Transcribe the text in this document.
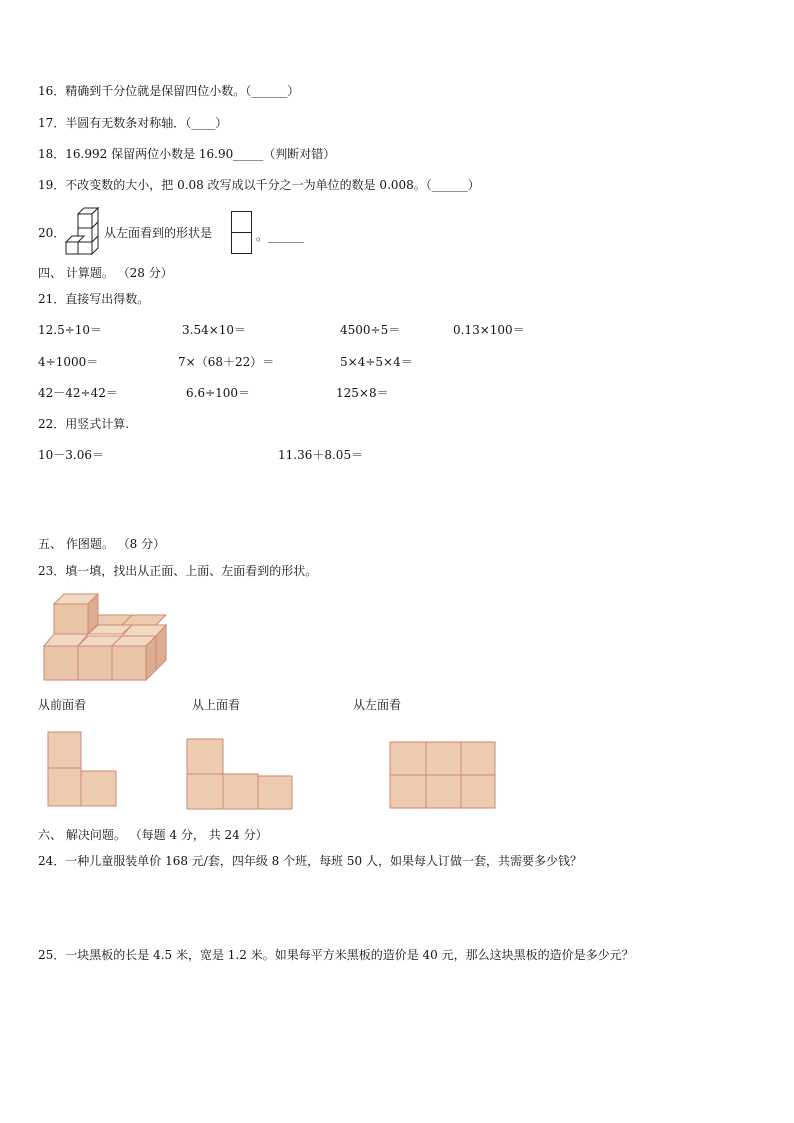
16．精确到千分位就是保留四位小数。（______）
17．半圆有无数条对称轴．（____）
18．16.992 保留两位小数是 16.90_____（判断对错）
19．不改变数的大小，把 0.08 改写成以千分之一为单位的数是 0.008。（______）
20．	从左面看到的形状是	。______
四、 计算题。 （28 分）
21．直接写出得数。
12.5÷10＝	3.54×10＝	4500÷5＝	0.13×100＝
4÷1000＝	7×（68＋22）＝	5×4÷5×4＝
42－42÷42＝	6.6÷100＝	125×8＝
22．用竖式计算.
10－3.06＝	11.36＋8.05＝
五、 作图题。 （8 分）
23．填一填，找出从正面、上面、左面看到的形状。
从前面看	从上面看	从左面看
六、 解决问题。 （每题 4 分， 共 24 分）
24．一种儿童服装单价 168 元/套，四年级 8 个班，每班 50 人，如果每人订做一套，共需要多少钱？
25．一块黑板的长是 4.5 米，宽是 1.2 米。如果每平方米黑板的造价是 40 元，那么这块黑板的造价是多少元？
